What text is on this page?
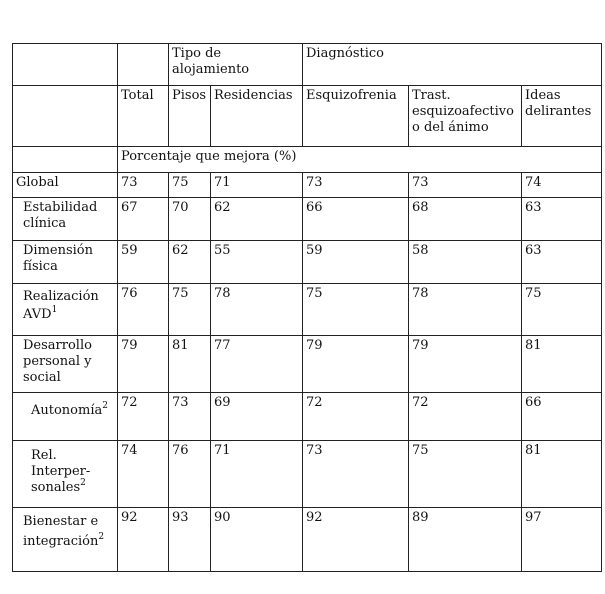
		Tipo de alojamiento		Diagnóstico		
	Total	Pisos	Residencias	Esquizofrenia	Trast. esquizoafectivo o del ánimo	Ideas delirantes
	Porcentaje que mejora (%)					
Global	73	75	71	73	73	74
Estabilidad clínica	67	70	62	66	68	63
Dimensión física	59	62	55	59	58	63
Realización AVD$^1$	76	75	78	75	78	75
Desarrollo personal y social	79	81	77	79	79	81
Autonomía$^2$	72	73	69	72	72	66
Rel. Interper-sonales$^2$	74	76	71	73	75	81
Bienestar e integración$^2$	92	93	90	92	89	97
